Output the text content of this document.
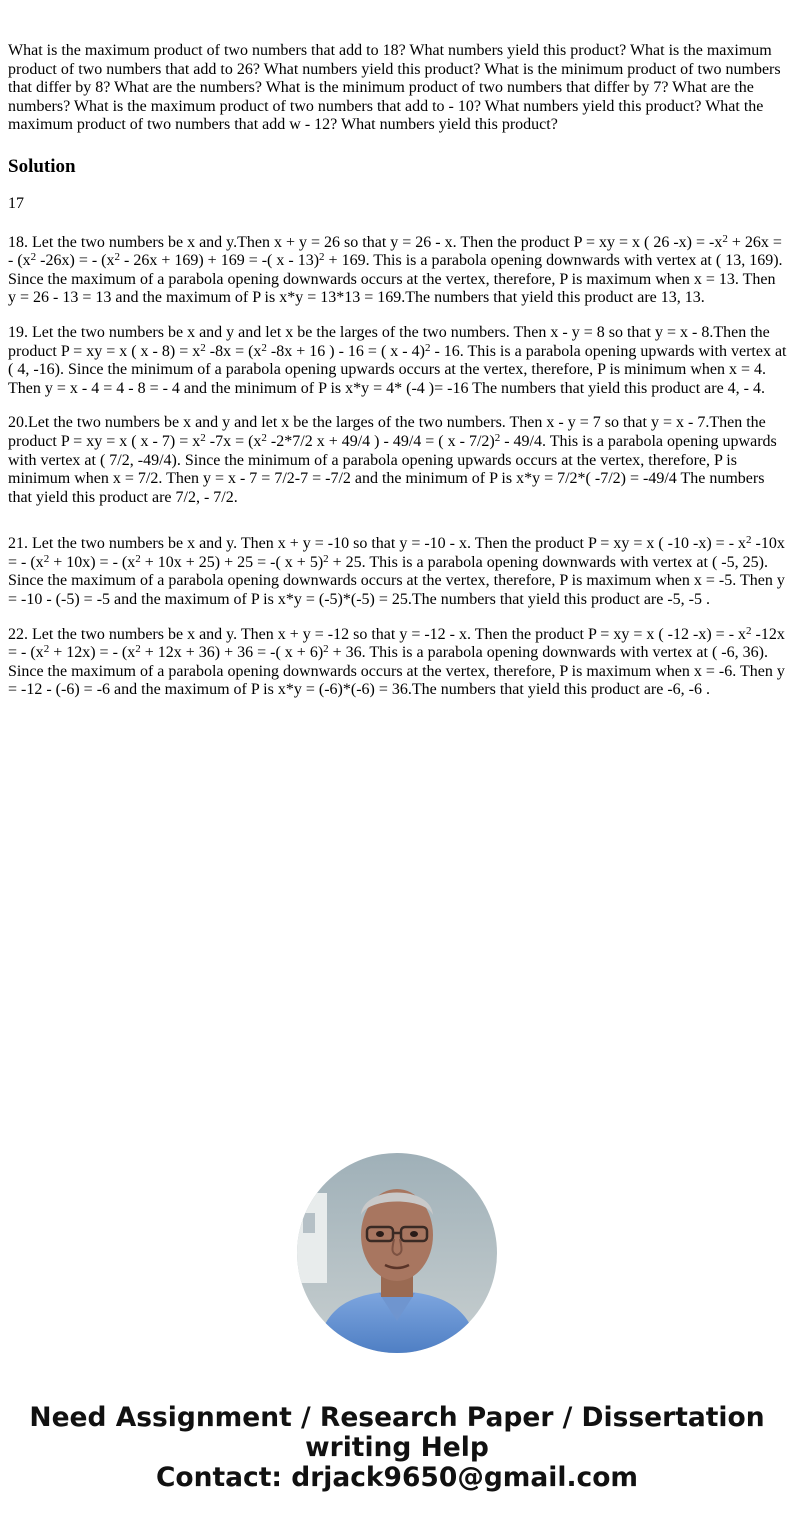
What is the maximum product of two numbers that add to 18? What numbers yield this product? What is the maximum product of two numbers that add to 26? What numbers yield this product? What is the minimum product of two numbers that differ by 8? What are the numbers? What is the minimum product of two numbers that differ by 7? What are the numbers? What is the maximum product of two numbers that add to - 10? What numbers yield this product? What the maximum product of two numbers that add w - 12? What numbers yield this product?

Solution

17

18. Let the two numbers be x and y.Then x + y = 26 so that y = 26 - x. Then the product P = xy = x ( 26 $-x) = -x^2 + 26x$ = - ($x^2$ -26x) = - $(x^2 - 26x + 169) + 169$ = -( x - 13)$^2$ + 169. This is a parabola opening downwards with vertex at ( 13, 169). Since the maximum of a parabola opening downwards occurs at the vertex, therefore, P is maximum when x = 13. Then y = 26 - 13 = 13 and the maximum of P is x*y = 13*13 = 169.The numbers that yield this product are 13, 13.

19. Let the two numbers be x and y and let x be the larges of the two numbers. Then x - y = 8 so that y = x - 8.Then the product P = xy = x ( $x - 8) = x^2$ $-8x = (x^2$ -8x + 16 ) - 16 = ( x - 4)$^2$ - 16. This is a parabola opening upwards with vertex at ( 4, -16). Since the minimum of a parabola opening upwards occurs at the vertex, therefore, P is minimum when x = 4. Then y = x - 4 = 4 - 8 = - 4 and the minimum of P is x*y = 4* (-4 )= -16 The numbers that yield this product are 4, - 4.

20.Let the two numbers be x and y and let x be the larges of the two numbers. Then x - y = 7 so that y = x - 7.Then the product P = xy = x ( $x - 7) = x^2$ $-7x = (x^2$ -2*7/2 x + 49/4 ) - 49/4 = ( x - 7/2)$^2$ - 49/4. This is a parabola opening upwards with vertex at ( 7/2, -49/4). Since the minimum of a parabola opening upwards occurs at the vertex, therefore, P is minimum when x = 7/2. Then y = x - 7 = 7/2-7 = -7/2 and the minimum of P is x*y = 7/2*( -7/2) = -49/4 The numbers that yield this product are 7/2, - 7/2.

21. Let the two numbers be x and y. Then x + y = -10 so that y = -10 - x. Then the product P = xy = x ( -10 -x) = - $x^2$ -10x = - $(x^2 + 10x)$ = - $(x^2 + 10x + 25) + 25$ = -( x + 5)$^2$ + 25. This is a parabola opening downwards with vertex at ( -5, 25). Since the maximum of a parabola opening downwards occurs at the vertex, therefore, P is maximum when x = -5. Then y = -10 - (-5) = -5 and the maximum of P is x*y = (-5)*(-5) = 25.The numbers that yield this product are -5, -5 .

22. Let the two numbers be x and y. Then x + y = -12 so that y = -12 - x. Then the product P = xy = x ( -12 -x) = - $x^2$ -12x = - $(x^2 + 12x)$ = - $(x^2 + 12x + 36) + 36$ = -( x + 6)$^2$ + 36. This is a parabola opening downwards with vertex at ( -6, 36). Since the maximum of a parabola opening downwards occurs at the vertex, therefore, P is maximum when x = -6. Then y = -12 - (-6) = -6 and the maximum of P is x*y = (-6)*(-6) = 36.The numbers that yield this product are -6, -6 .

Need Assignment / Research Paper / Dissertation
writing Help
Contact: drjack9650@gmail.com
